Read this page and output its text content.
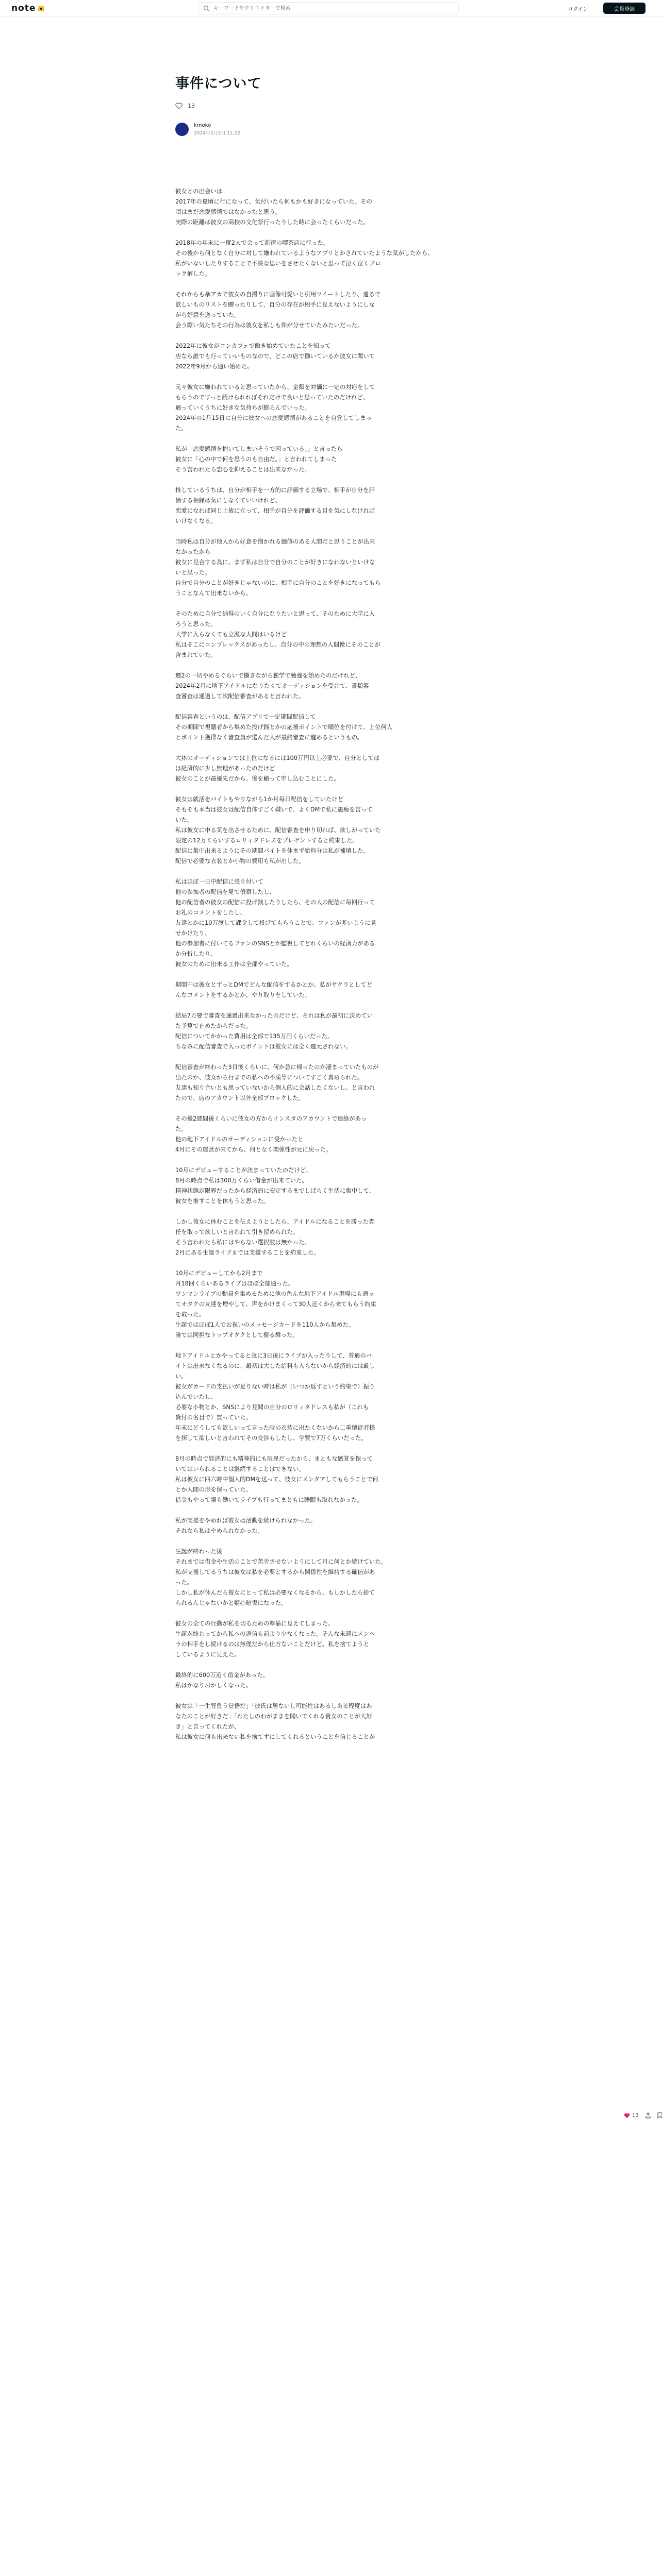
note
キーワードやクリエイターで検索	ログイン	会員登録
事件について
13
kmoko
2024年3月5日 11:22

彼女との出会いは
2017年の夏頃に行になって、気付いたら何もかも好きになっていた。その
頃はまだ恋愛感情ではなかったと思う。
実際の距離は彼女の高校の文化祭行ったりした時に会ったくらいだった。

2018年の年末に一度2人で会って新宿の喫茶店に行った。
その後から何となく自分に対して嫌われているようなアプリとかされていたような気がしたから、
私がいないしたりすることで不快な思いをさせたくないと思って泣く泣くブロ
ック解した。

それからも暴アカで彼女の自撮りに画像可愛いと引用ツイートしたり、還るで
欲しいものリストを贈ったりして、自分の存在が相手に見えないようにしな
がら好意を送っていた。
会う際い気たちその行為は彼女を私しも殊が分せていたみたいだった。

2022年に彼女がコンカフェで働き始めていたことを知って
店なら誰でも行っていいものなので、どこの店で働いているか彼女に聞いて
2022年9月から通い始めた。

元々彼女に嫌われていると思っていたから、金額を対価に一定の対応をして
もらうのですっと続けられればそれだけで良いと思っていたのだけれど、
通っていくうちに好きな気持ちが膨らんでいった。
2024年の1月15日に自分に彼女への恋愛感情があることを自覚してしまっ
た。

私が「恋愛感情を抱いてしまいそうで困っている。」と言ったら
彼女に「心の中で何を思うのも自由だ。」と言われてしまった
そう言われたら恋心を抑えることは出来なかった。

推しているうちは、自分が相手を一方的に評価する立場で、相手が自分を評
価する相縁は気にしなくていいけれど、
恋愛になれば同じ土俵に立って、相手が自分を評価する目を気にしなければ
いけなくなる。

当時私は自分が他人から好意を抱かれる価値のある人間だと思うことが出来
なかったから
彼女に見合する為に、まず私は自分で自分のことが好きになれないといけな
いと思った。
自分で自分のことが好きじゃないのに、相手に自分のことを好きになってもら
うことなんて出来ないから。

そのために自分で納得のいく自分になりたいと思って、そのために大学に入
ろうと思った。
大学に入らなくても立派な人間はいるけど
私はそこにコンプレックスがあったし、自分の中の理想の人間像にそのことが
含まれていた。

週2の一切やめるぐらいで働きながら独学で勉強を始めたのだけれど、
2024年2月に地下アイドルになりたくてオーディションを受けて、書類審
査審査は通過して次配信審査があると言われた。

配信審査というのは、配信アプリで一定期間配信して
その期間で視聴者から集めた投げ銭とかの応援ポイントで順位を付けて、上位何人
とポイント獲得なく審査員が選んだ人が最終審査に進めるというもの。

大体のオーディションでは上位になるには100万円以上必要で、自分としては
は経済的に少し無理があったのだけど
彼女のことが最優先だから、後を顧って申し込むことにした。

彼女は就活をバイトもやりながら1か月毎日配信をしていたけど
そもそも本当は彼女は配信自体すごく嫌いで、よくDMで私に愚痴を言って
いた。
私は彼女に申る気を出させるために、配信審査を申り切れば、欲しがっていた
限定の12万くらいするロリィタドレスをプレゼントすると約束した。
配信に集中出来るようにその期間バイトを休まず給料分は私が補填した。
配信で必要な衣装とか小物の費用も私が出した。

私はほぼ一日中配信に張り付いて
他の参加者の配信を見て偵察したし、
他の配信者の彼女の配信に投げ銭したりしたら、その人の配信に毎回行って
お礼のコメントをしたし、
友達とかに10万渡して課金して投げてもらうことで、ファンが多いように見
せかけたり、
他の参加者に付いてるファンのSNSとか監視してどれくらいの経済力がある
か分析したり、
彼女のために出来る工作は全部やっていた。

期間中は彼女とずっとDMでどんな配信をするかとか、私がサクラとしてど
んなコメントをするかとか、やり取りをしていた。

結局7万要で審査を通過出来なかったのだけど、それは私が最初に決めてい
た予算で止めたからだった。
配信についてかかった費用は全部で135万円くらいだった。
ちなみに配信審査で入ったポイントは彼女には全く還元されない。

配信審査が終わった3日後くらいに、何か急に帰ったのか凄まっていたものが
出たのか、彼女から行までの私への不満等についてすごく責められた。
友達も知り合いとも思っていないから個人的に会話したくないし、と言われ
たので、店のアカウント以外全部ブロックした。

その後2週間後くらいに彼女の方からインスタのアカウントで連絡があっ
た。
他の地下アイドルのオーディションに受かったと
4月にその運営が来てから、何となく関係性が元に戻った。

10月にデビューすることが決まっていたのだけど、
8月の時点で私は300万くらい借金が出来ていた。
精神状態が限界だったから経済的に安定するまでしばらく生活に集中して、
彼女を推すことを休もうと思った。

しかし彼女に休むことを伝えようとしたら、アイドルになることを勝った責
任を取って欲しいと言われて引き留められた。
そう言われたら私にはやらない選択肢は無かった。
2月にある生誕ライブまでは支援することを約束した。

10月にデビューしてから2月まで
月18回くらいあるライブはほぼ全部通った。
ワンマンライブの動員を集めるために他の色んな地下アイドル現場にも通っ
てオタクの友達を増やして、声をかけまくって30人近くから来てもらう約束
を取った。
生誕ではほぼ1人でお祝いのメッセージカードを110人から集めた。
誰では同担なトップオタクとして振る舞った。

地下アイドルとかやってると急に3日後にライブが入ったりして、普通のバ
イトは出来なくなるのに、最初は大した給料も入らないから経済的には厳し
い。
彼女がカードの支払いが足りない時は私が（いつか返すという約束で）振り
込んでいたし、
必要な小物とか、SNSにより見聞の自分のロリィタドレスも私が（これも
貸付の名目で）買っていた。
年末にどうしても欲しいって言った時の衣装に出たくないから二重壊従者様
を探して欲しいと言われてその交渉もしたし、学費で7万くらいだった。

8月の時点で経済的にも精神的にも限界だったから、まともな感覚を保って
いてはいられることは継続することはできない。
私は彼女に四六時中個人的DMを送って、彼女にメンタアしてもらうことで何
とか人間の形を保っていた。
借金もやって親も働いてライブも行ってまともに睡眠も取れなかった。

私が支援をやめれば彼女は活動を続けられなかった。
それなら私はやめられなかった。

生誕が終わった後
それまでは借金や生活のことで苦労させないようにして月に何とか続けていた。
私が支援してるうちは彼女は私を必要とするから関係性を維持する確信があ
った。
しかし私が休んだら彼女にとって私は必要なくなるから、もしかしたら捨て
られるんじゃないかと疑心暗鬼になった。

彼女の全ての行動が私を切るための準備に見えてしまった。
生誕が終わってから私への返信も前より少なくなった。そんな未週にメンヘ
ラの相手をし続けるのは無理だから仕方ないことだけど。私を捨てようと
しているように見えた。

最終的に600万近く借金があった。
私はかなりおかしくなった。

彼女は「一生背負う覚悟だ」「彼氏は居ないし可能性はあるしある程度はあ
なたのことが好きだ」「わたしのわがままを聞いてくれる貴女のことが大好
き」と言ってくれたが、
私は彼女に何も出来ない私を捨てずにしてくれるということを信じることが

13
